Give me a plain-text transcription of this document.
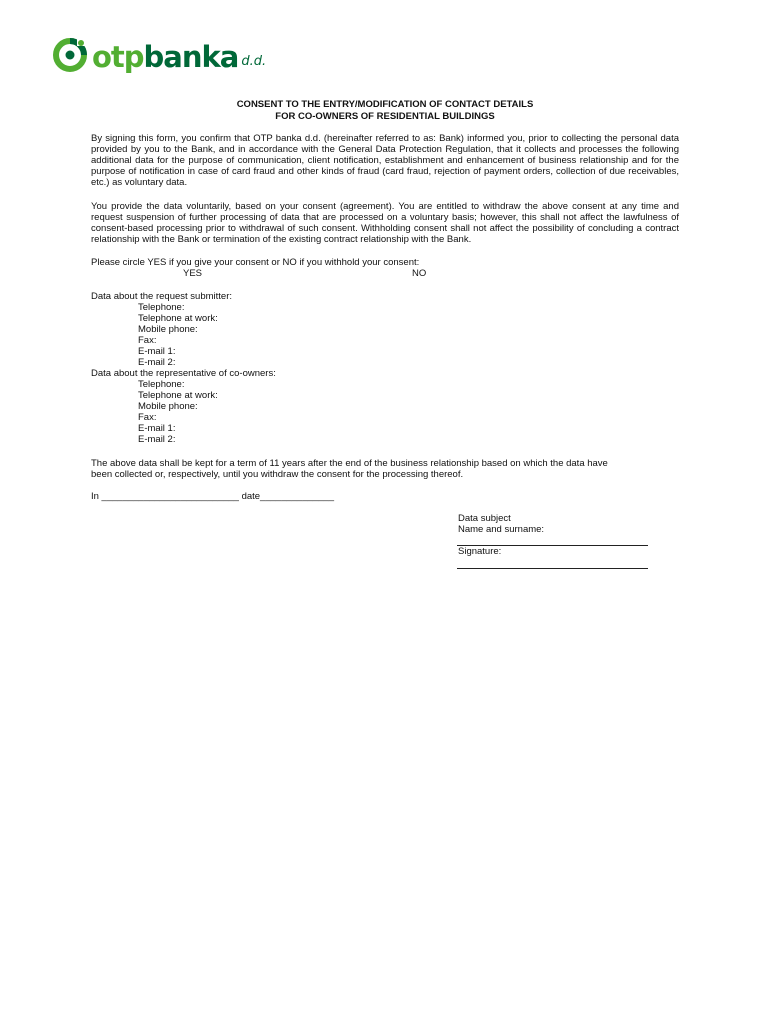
otpbanka d.d.
CONSENT TO THE ENTRY/MODIFICATION OF CONTACT DETAILS
FOR CO-OWNERS OF RESIDENTIAL BUILDINGS
By signing this form, you confirm that OTP banka d.d. (hereinafter referred to as: Bank) informed you, prior to collecting the personal data provided by you to the Bank, and in accordance with the General Data Protection Regulation, that it collects and processes the following additional data for the purpose of communication, client notification, establishment and enhancement of business relationship and for the purpose of notification in case of card fraud and other kinds of fraud (card fraud, rejection of payment orders, collection of due receivables, etc.) as voluntary data.
You provide the data voluntarily, based on your consent (agreement). You are entitled to withdraw the above consent at any time and request suspension of further processing of data that are processed on a voluntary basis; however, this shall not affect the lawfulness of consent-based processing prior to withdrawal of such consent. Withholding consent shall not affect the possibility of concluding a contract relationship with the Bank or termination of the existing contract relationship with the Bank.
Please circle YES if you give your consent or NO if you withhold your consent:
YES	NO
Data about the request submitter:
Telephone:
Telephone at work:
Mobile phone:
Fax:
E-mail 1:
E-mail 2:
Data about the representative of co-owners:
Telephone:
Telephone at work:
Mobile phone:
Fax:
E-mail 1:
E-mail 2:
The above data shall be kept for a term of 11 years after the end of the business relationship based on which the data have
been collected or, respectively, until you withdraw the consent for the processing thereof.
In __________________________ date______________
Data subject
Name and surname:
Signature:
